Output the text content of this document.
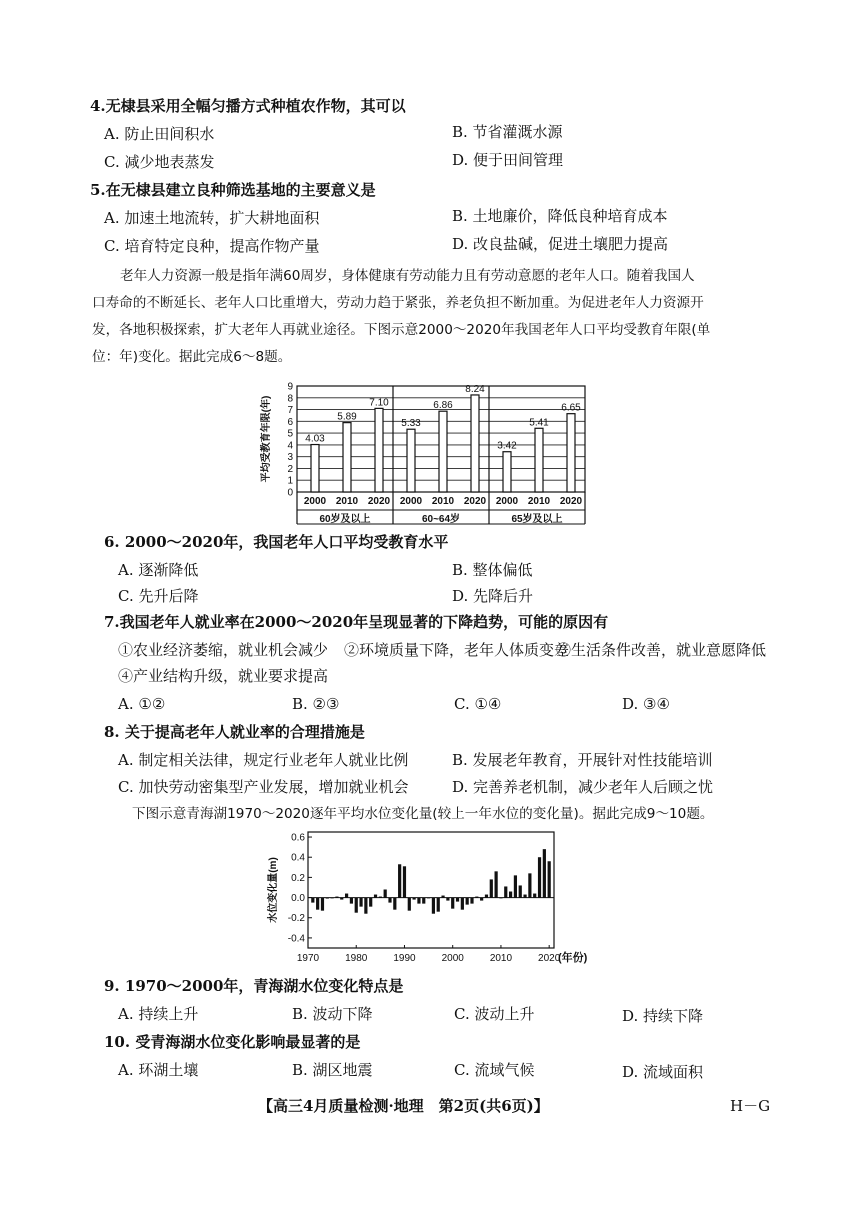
4.无棣县采用全幅匀播方式种植农作物，其可以
A. 防止田间积水	B. 节省灌溉水源
C. 减少地表蒸发	D. 便于田间管理
5.在无棣县建立良种筛选基地的主要意义是
A. 加速土地流转，扩大耕地面积	B. 土地廉价，降低良种培育成本
C. 培育特定良种，提高作物产量	D. 改良盐碱，促进土壤肥力提高
老年人力资源一般是指年满60周岁，身体健康有劳动能力且有劳动意愿的老年人口。随着我国人
口寿命的不断延长、老年人口比重增大，劳动力趋于紧张，养老负担不断加重。为促进老年人力资源开
发，各地积极探索，扩大老年人再就业途径。下图示意2000～2020年我国老年人口平均受教育年限(单
位：年)变化。据此完成6～8题。
0
1
2
3
4
5
6
7
8
9
平均受教育年限(年)	4.03
2000
5.89
2010
7.10
2020
60岁及以上
5.33
2000
6.86
2010
8.24
2020
60~64岁
3.42
2000
5.41
2010
6.65
2020
65岁及以上
6. 2000～2020年，我国老年人口平均受教育水平
A. 逐渐降低	B. 整体偏低
C. 先升后降	D. 先降后升
7.我国老年人就业率在2000～2020年呈现显著的下降趋势，可能的原因有
①农业经济萎缩，就业机会减少 ②环境质量下降，老年人体质变差
③生活条件改善，就业意愿降低
④产业结构升级，就业要求提高
A. ①②	B. ②③	C. ①④	D. ③④
8. 关于提高老年人就业率的合理措施是
A. 制定相关法律，规定行业老年人就业比例	B. 发展老年教育，开展针对性技能培训
C. 加快劳动密集型产业发展，增加就业机会	D. 完善养老机制，减少老年人后顾之忧
下图示意青海湖1970～2020逐年平均水位变化量(较上一年水位的变化量)。据此完成9～10题。
0.6
0.4
0.2
0.0
-0.2
-0.4
1970	1980	1990	2000	2010	2020
(年份)
水位变化量(m)
9. 1970～2000年，青海湖水位变化特点是
A. 持续上升	B. 波动下降	C. 波动上升	D. 持续下降
10. 受青海湖水位变化影响最显著的是
A. 环湖土壤	B. 湖区地震	C. 流域气候	D. 流域面积
【高三4月质量检测·地理　第2页(共6页)】	H－G
